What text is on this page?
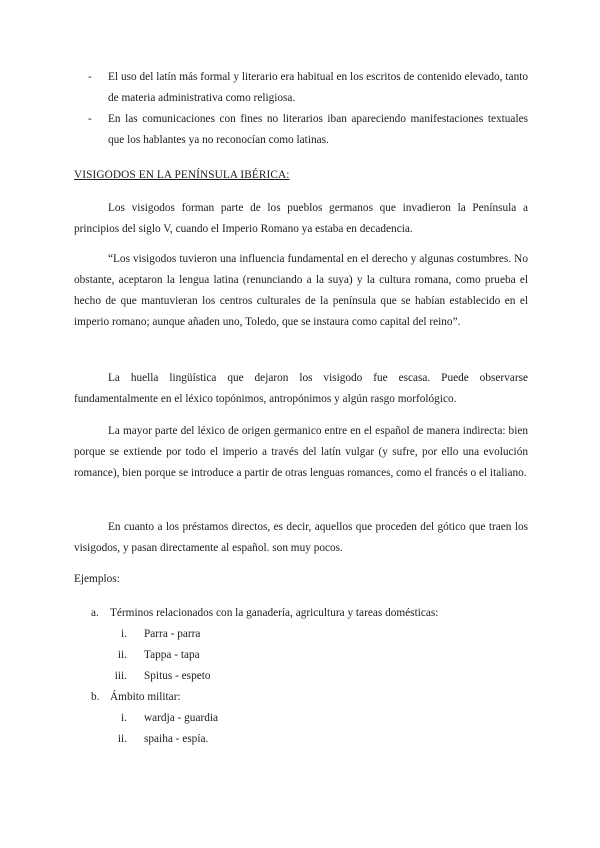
- El uso del latín más formal y literario era habitual en los escritos de contenido elevado, tanto de materia administrativa como religiosa.
- En las comunicaciones con fines no literarios iban apareciendo manifestaciones textuales que los hablantes ya no reconocían como latinas.
VISIGODOS EN LA PENÍNSULA IBÉRICA:
Los visigodos forman parte de los pueblos germanos que invadieron la Península a principios del siglo V, cuando el Imperio Romano ya estaba en decadencia.
“Los visigodos tuvieron una influencia fundamental en el derecho y algunas costumbres. No obstante, aceptaron la lengua latina (renunciando a la suya) y la cultura romana, como prueba el hecho de que mantuvieran los centros culturales de la península que se habían establecido en el imperio romano; aunque añaden uno, Toledo, que se instaura como capital del reino”.
La huella lingüística que dejaron los visigodo fue escasa. Puede observarse fundamentalmente en el léxico topónimos, antropónimos y algún rasgo morfológico.
La mayor parte del léxico de origen germanico entre en el español de manera indirecta: bien porque se extiende por todo el imperio a través del latín vulgar (y sufre, por ello una evolución romance), bien porque se introduce a partir de otras lenguas romances, como el francés o el italiano.
En cuanto a los préstamos directos, es decir, aquellos que proceden del gótico que traen los visigodos, y pasan directamente al español. son muy pocos.
Ejemplos:
a. Términos relacionados con la ganadería, agricultura y tareas domésticas:
i. Parra - parra
ii. Tappa - tapa
iii. Spitus - espeto
b. Ámbito militar:
i. wardja - guardia
ii. spaiha - espía.
